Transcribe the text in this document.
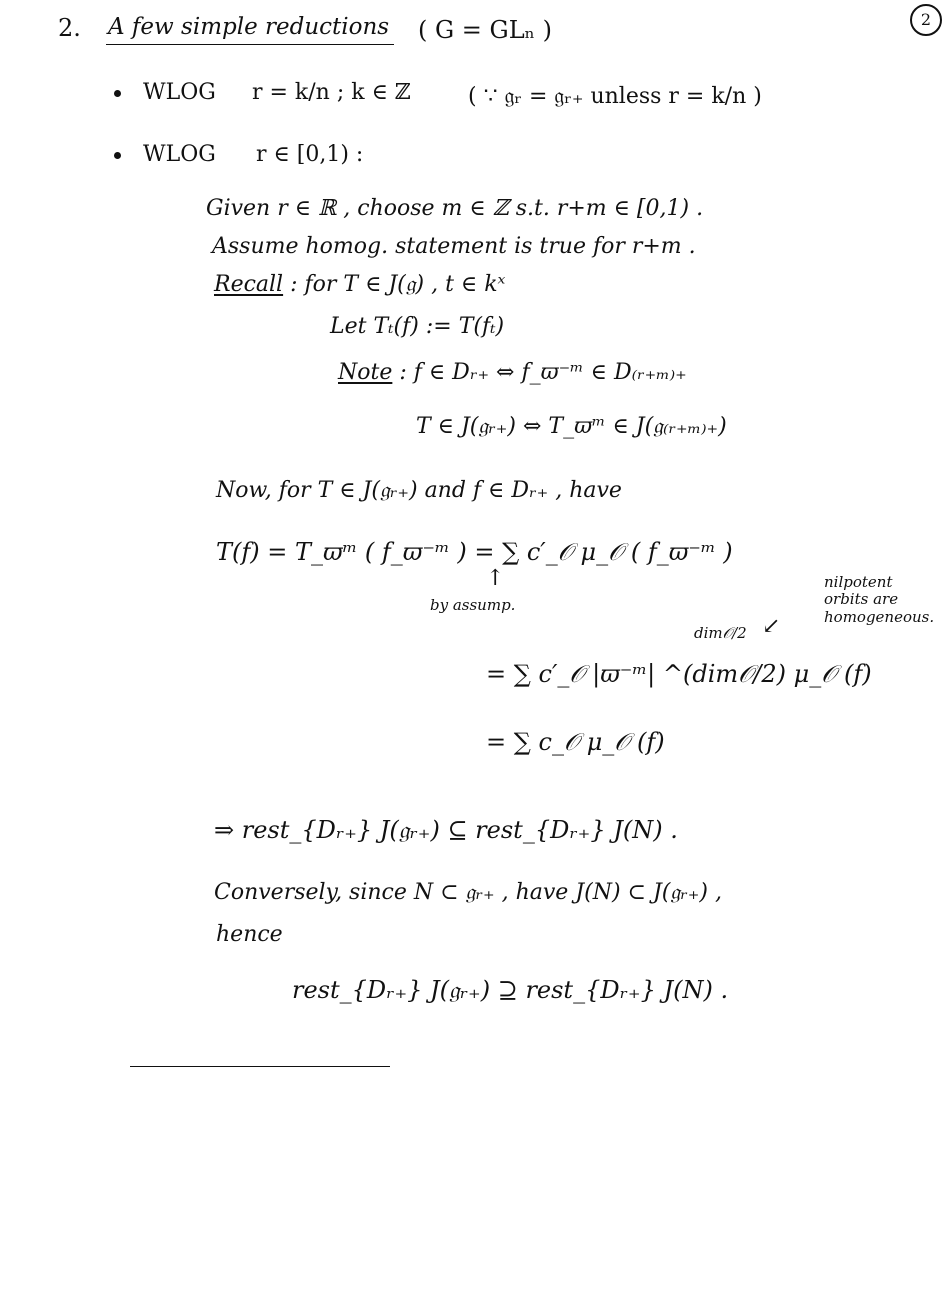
2
2. A few simple reductions ( G = GLₙ )
WLOG r = k/n ; k ∈ ℤ	( ∵ 𝔤ᵣ = 𝔤ᵣ₊ unless r = k/n )
WLOG r ∈ [0,1) :
Given r ∈ ℝ , choose m ∈ ℤ s.t. r+m ∈ [0,1) .
Assume homog. statement is true for r+m .
Recall : for T ∈ J(𝔤) , t ∈ kˣ
Let Tₜ(f) := T(fₜ)
Note : f ∈ Dᵣ₊ ⇔ f_ϖ⁻ᵐ ∈ D₍ᵣ₊ₘ₎₊
T ∈ J(𝔤ᵣ₊) ⇔ T_ϖᵐ ∈ J(𝔤₍ᵣ₊ₘ₎₊)
Now, for T ∈ J(𝔤ᵣ₊) and f ∈ Dᵣ₊ , have
T(f) = T_ϖᵐ ( f_ϖ⁻ᵐ ) = ∑ c′_𝒪 μ_𝒪 ( f_ϖ⁻ᵐ )
↑
by assump.
nilpotent
orbits are
homogeneous.
↙
dim𝒪/2
= ∑ c′_𝒪 |ϖ⁻ᵐ| ^(dim𝒪/2) μ_𝒪 (f)
= ∑ c_𝒪 μ_𝒪 (f)
⇒ rest_{Dᵣ₊} J(𝔤ᵣ₊) ⊆ rest_{Dᵣ₊} J(N) .
Conversely, since N ⊂ 𝔤ᵣ₊ , have J(N) ⊂ J(𝔤ᵣ₊) ,
hence
rest_{Dᵣ₊} J(𝔤ᵣ₊) ⊇ rest_{Dᵣ₊} J(N) .
